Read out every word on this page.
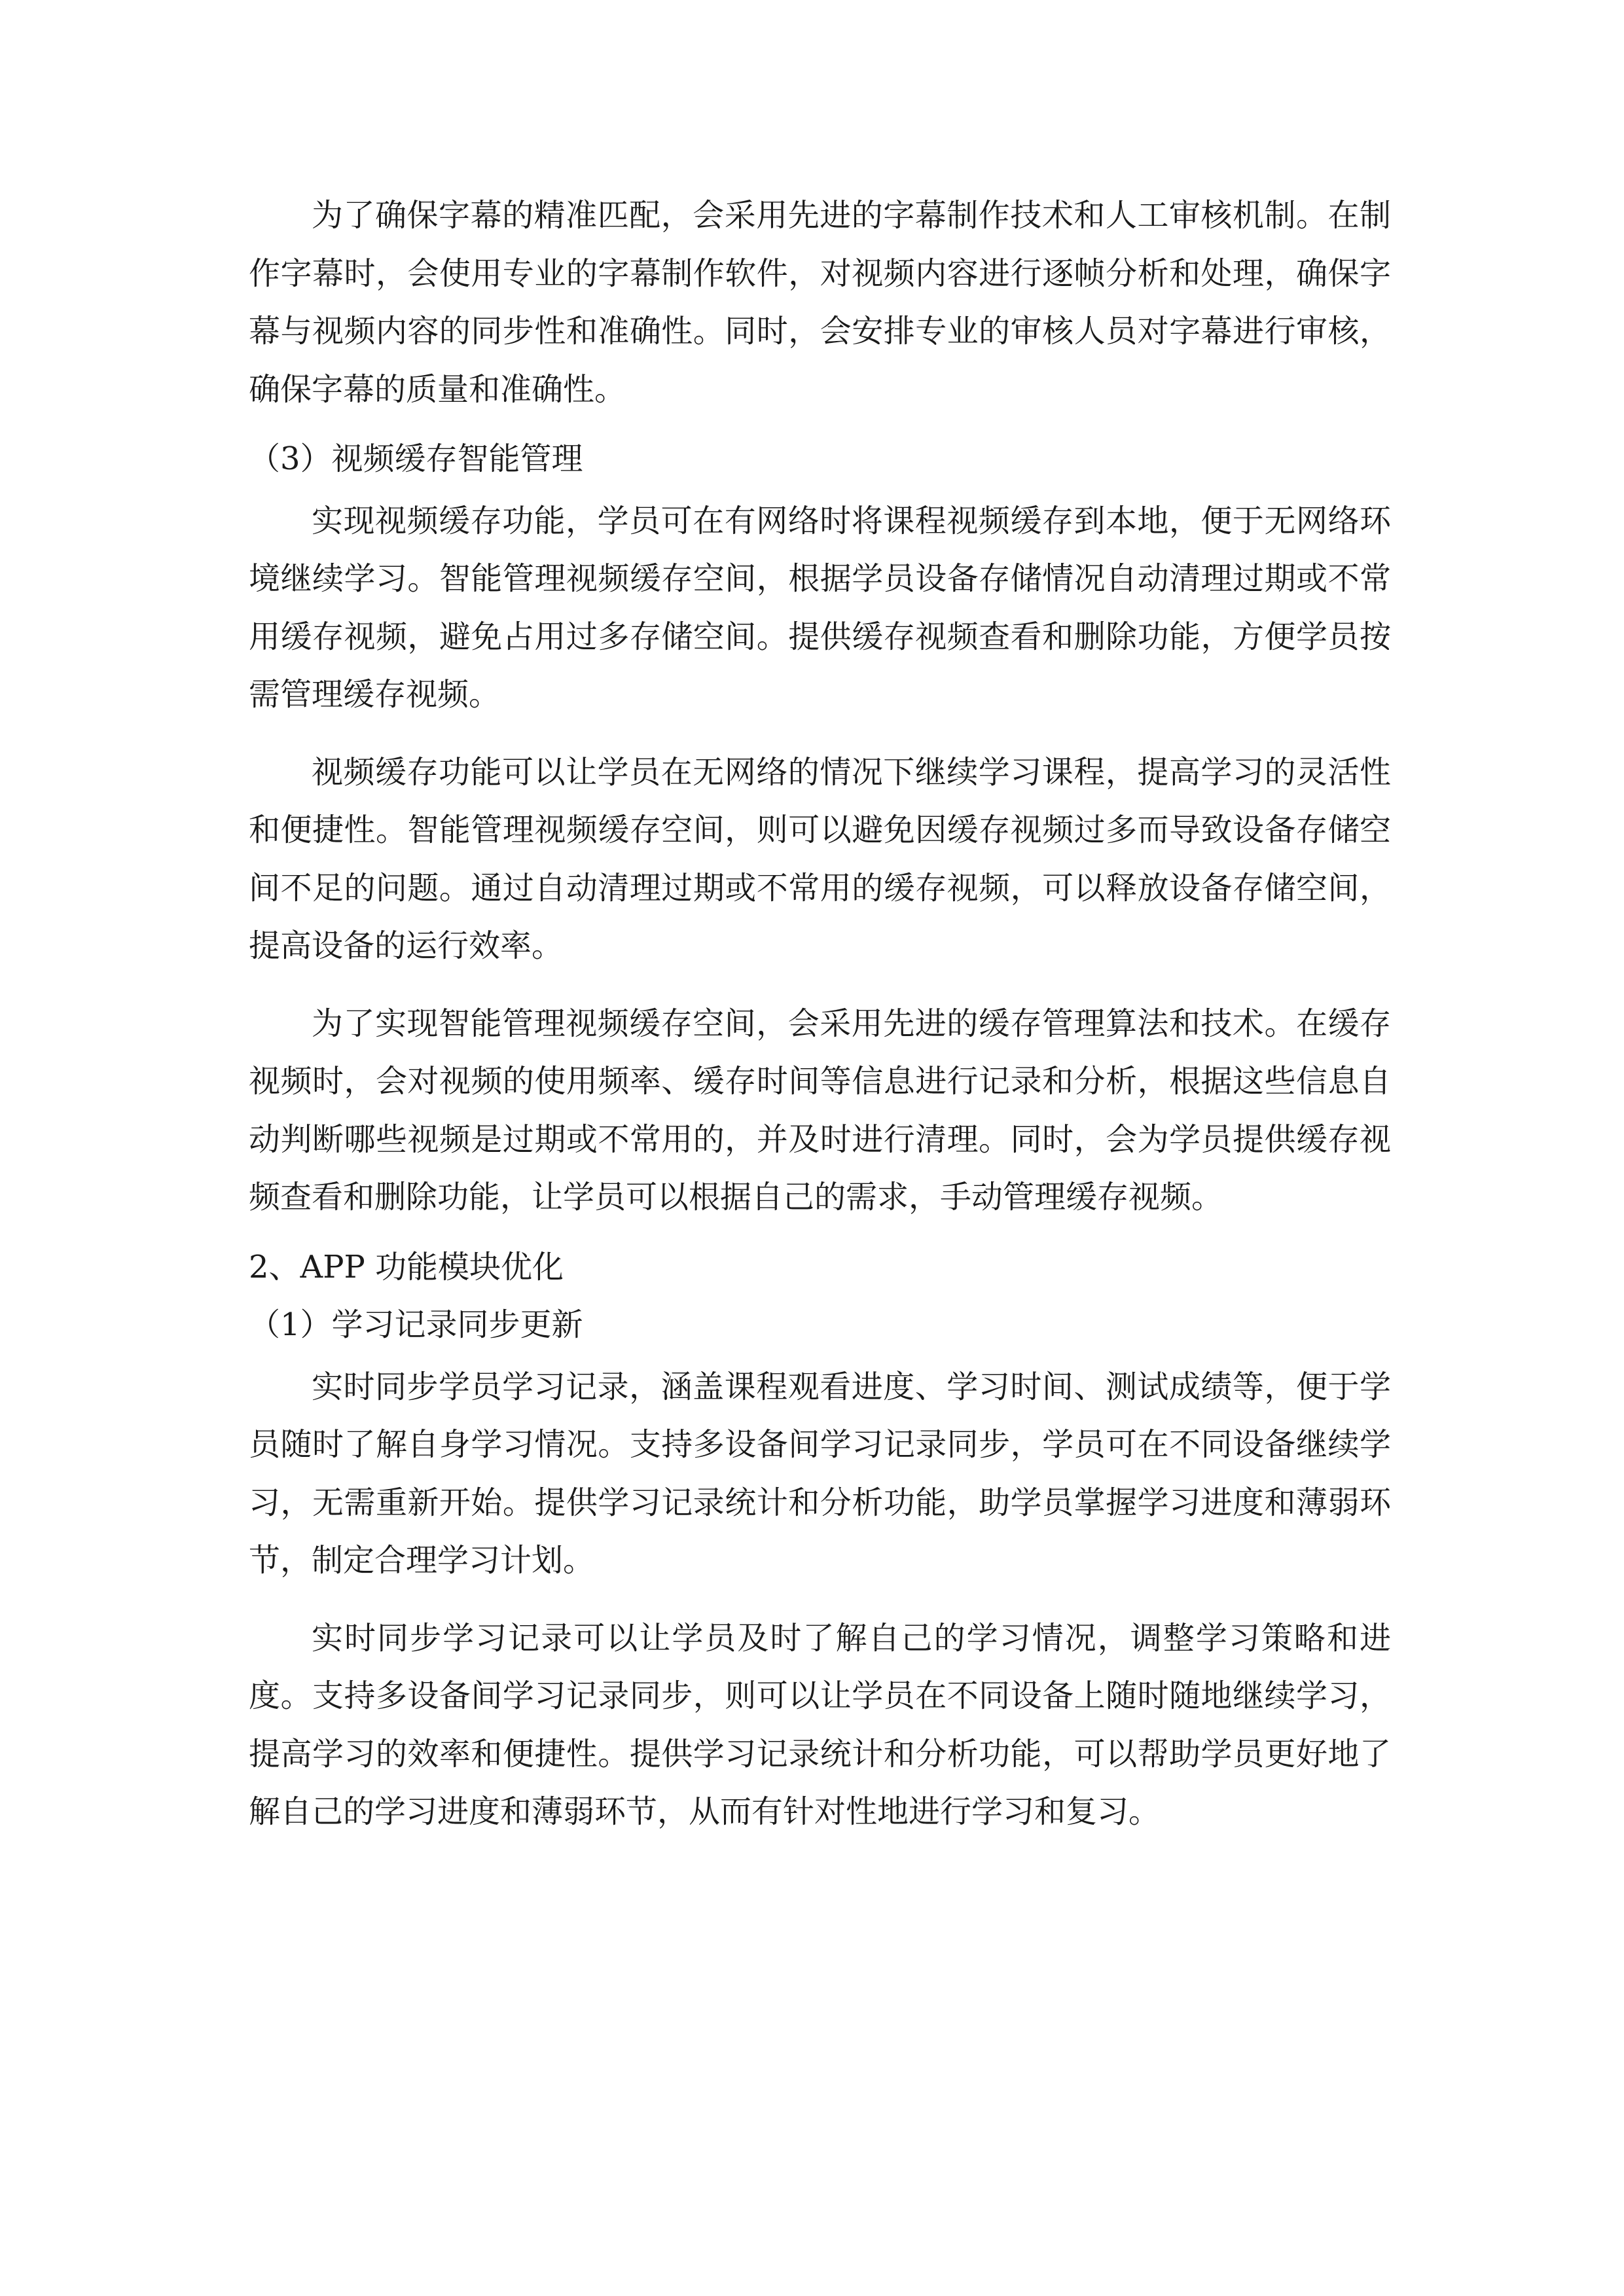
为了确保字幕的精准匹配，会采用先进的字幕制作技术和人工审核机制。在制作字幕时，会使用专业的字幕制作软件，对视频内容进行逐帧分析和处理，确保字幕与视频内容的同步性和准确性。同时，会安排专业的审核人员对字幕进行审核，确保字幕的质量和准确性。

（3）视频缓存智能管理

实现视频缓存功能，学员可在有网络时将课程视频缓存到本地，便于无网络环境继续学习。智能管理视频缓存空间，根据学员设备存储情况自动清理过期或不常用缓存视频，避免占用过多存储空间。提供缓存视频查看和删除功能，方便学员按需管理缓存视频。

视频缓存功能可以让学员在无网络的情况下继续学习课程，提高学习的灵活性和便捷性。智能管理视频缓存空间，则可以避免因缓存视频过多而导致设备存储空间不足的问题。通过自动清理过期或不常用的缓存视频，可以释放设备存储空间，提高设备的运行效率。

为了实现智能管理视频缓存空间，会采用先进的缓存管理算法和技术。在缓存视频时，会对视频的使用频率、缓存时间等信息进行记录和分析，根据这些信息自动判断哪些视频是过期或不常用的，并及时进行清理。同时，会为学员提供缓存视频查看和删除功能，让学员可以根据自己的需求，手动管理缓存视频。

2、APP 功能模块优化

（1）学习记录同步更新

实时同步学员学习记录，涵盖课程观看进度、学习时间、测试成绩等，便于学员随时了解自身学习情况。支持多设备间学习记录同步，学员可在不同设备继续学习，无需重新开始。提供学习记录统计和分析功能，助学员掌握学习进度和薄弱环节，制定合理学习计划。

实时同步学习记录可以让学员及时了解自己的学习情况，调整学习策略和进度。支持多设备间学习记录同步，则可以让学员在不同设备上随时随地继续学习，提高学习的效率和便捷性。提供学习记录统计和分析功能，可以帮助学员更好地了解自己的学习进度和薄弱环节，从而有针对性地进行学习和复习。
